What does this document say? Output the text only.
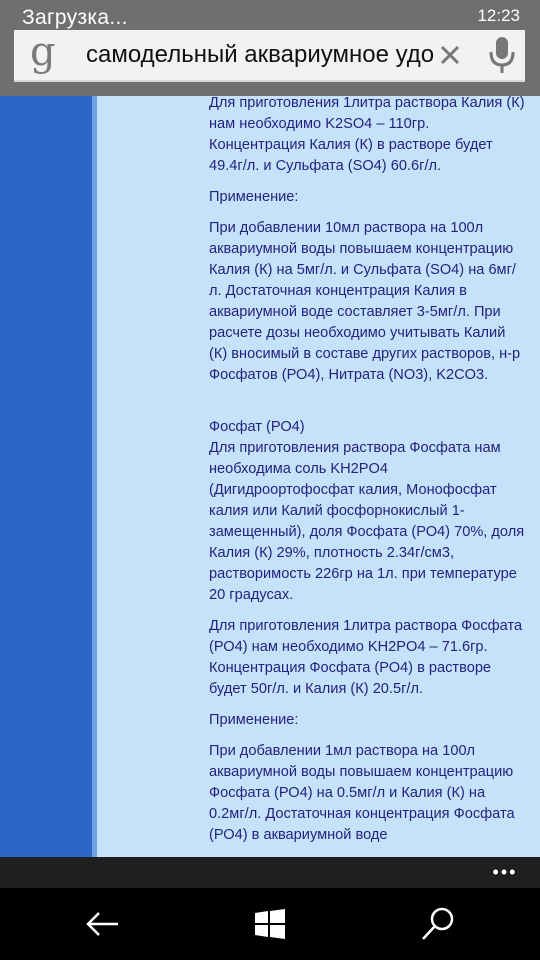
Загрузка...	12:23
g
самодельный аквариумное удобрение

Для приготовления 1литра раствора Калия (К) нам необходимо K2SO4 – 110гр. Концентрация Калия (К) в растворе будет 49.4г/л. и Сульфата (SO4) 60.6г/л.

Применение:

При добавлении 10мл раствора на 100л аквариумной воды повышаем концентрацию Калия (К) на 5мг/л. и Сульфата (SO4) на 6мг/л. Достаточная концентрация Калия в аквариумной воде составляет 3-5мг/л. При расчете дозы необходимо учитывать Калий (К) вносимый в составе других растворов, н-р Фосфатов (РО4), Нитрата (NO3), K2CO3.

Фосфат (РО4)

Для приготовления раствора Фосфата нам необходима соль KH2PO4 (Дигидроортофосфат калия, Монофосфат калия или Калий фосфорнокислый 1-замещенный), доля Фосфата (РО4) 70%, доля Калия (К) 29%, плотность 2.34г/см3, растворимость 226гр на 1л. при температуре 20 градусах.

Для приготовления 1литра раствора Фосфата (РО4) нам необходимо KH2PO4 – 71.6гр. Концентрация Фосфата (РО4) в растворе будет 50г/л. и Калия (К) 20.5г/л.

Применение:

При добавлении 1мл раствора на 100л аквариумной воды повышаем концентрацию Фосфата (РО4) на 0.5мг/л и Калия (К) на 0.2мг/л. Достаточная концентрация Фосфата (РО4) в аквариумной воде

•••
